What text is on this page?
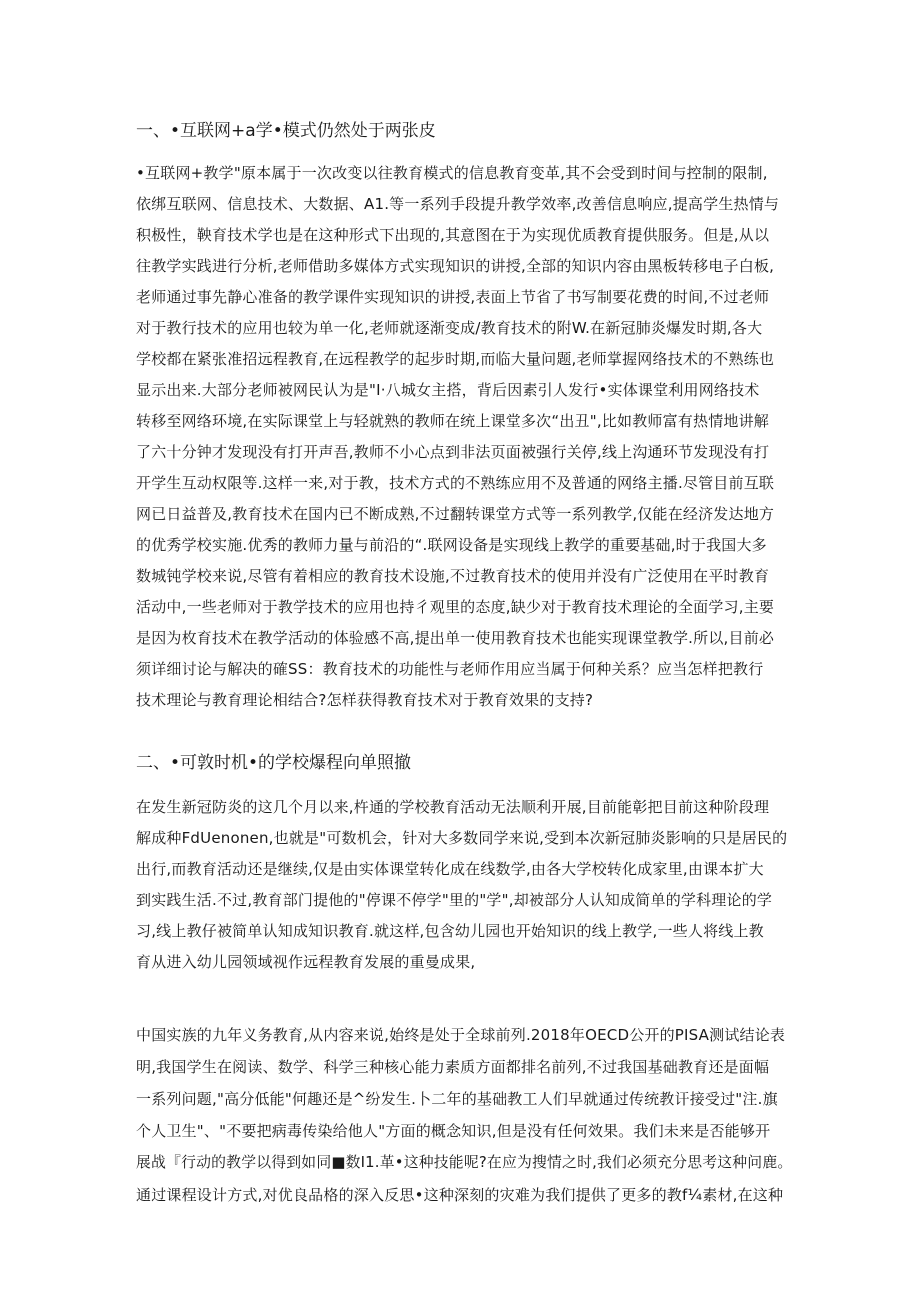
一、•互联网+a学•模式仍然处于两张皮
•互联网+教学"原本属于一次改变以往教育模式的信息教育变革,其不会受到时间与控制的限制,
依绑互联网、信息技术、大数据、A1.等一系列手段提升教学效率,改善信息响应,提高学生热情与
积极性，鞅育技术学也是在这种形式下出现的,其意图在于为实现优质教育提供服务。但是,从以
往教学实践进行分析,老师借助多媒体方式实现知识的讲授,全部的知识内容由黑板转移电子白板,
老师通过事先静心准备的教学课件实现知识的讲授,表面上节省了书写制要花费的时间,不过老师
对于教行技术的应用也较为单一化,老师就逐渐变成/教育技术的附W.在新冠肺炎爆发时期,各大
学校都在紧张准招远程教育,在远程教学的起步时期,而临大量问题,老师掌握网络技术的不熟练也
显示出来.大部分老师被网民认为是"I·八城女主搭，背后因素引人发行•实体课堂利用网络技术
转移至网络环境,在实际课堂上与轻就熟的教师在统上课堂多次“出丑",比如教师富有热情地讲解
了六十分钟才发现没有打开声吾,教师不小心点到非法页面被强行关停,线上沟通环节发现没有打
开学生互动权限等.这样一来,对于教，技术方式的不熟练应用不及普通的网络主播.尽管目前互联
网已日益普及,教育技术在国内已不断成熟,不过翻转课堂方式等一系列教学,仅能在经济发达地方
的优秀学校实施.优秀的教师力量与前沿的“.联网设备是实现线上教学的重要基础,时于我国大多
数城钝学校来说,尽管有着相应的教育技术设施,不过教育技术的使用并没有广泛使用在平时教育
活动中,一些老师对于教学技术的应用也持彳观里的态度,缺少对于教育技术理论的全面学习,主要
是因为枚育技术在教学活动的体验感不高,提出单一使用教育技术也能实现课堂教学.所以,目前必
须详细讨论与解决的確SS：教育技术的功能性与老师作用应当属于何种关系？应当怎样把教行
技术理论与教育理论相结合?怎样获得教育技术对于教育效果的支持?
二、•可敦时机•的学校爆程向单照撤
在发生新冠防炎的这几个月以来,杵通的学校教育活动无法顺利开展,目前能彰把目前这种阶段理
解成种FdUenonen,也就是"可数机会，针对大多数同学来说,受到本次新冠肺炎影响的只是居民的
出行,而教育活动还是继续,仅是由实体课堂转化成在线数学,由各大学校转化成家里,由课本扩大
到实践生活.不过,教育部门提他的"停课不停学"里的"学",却被部分人认知成简单的学科理论的学
习,线上教仔被简单认知成知识教育.就这样,包含幼儿园也开始知识的线上教学,一些人将线上教
育从进入幼儿园领域视作远程教育发展的重曼成果,
中国实族的九年义务教育,从内容来说,始终是处于全球前列.2018年OECD公开的PISA测试结论表
明,我国学生在阅读、数学、科学三种核心能力素质方面都排名前列,不过我国基础教育还是面幅
一系列问题,"高分低能"何趣还是^纷发生.卜二年的基础教工人们早就通过传统教讦接受过"注.旗
个人卫生"、"不要把病毒传染给他人"方面的概念知识,但是没有任何效果。我们未来是否能够开
展战『行动的教学以得到如同■数I1.革•这种技能呢?在应为搜情之时,我们必须充分思考这种问鹿。
通过课程设计方式,对优良品格的深入反思•这种深刻的灾难为我们提供了更多的教f¼素材,在这种
